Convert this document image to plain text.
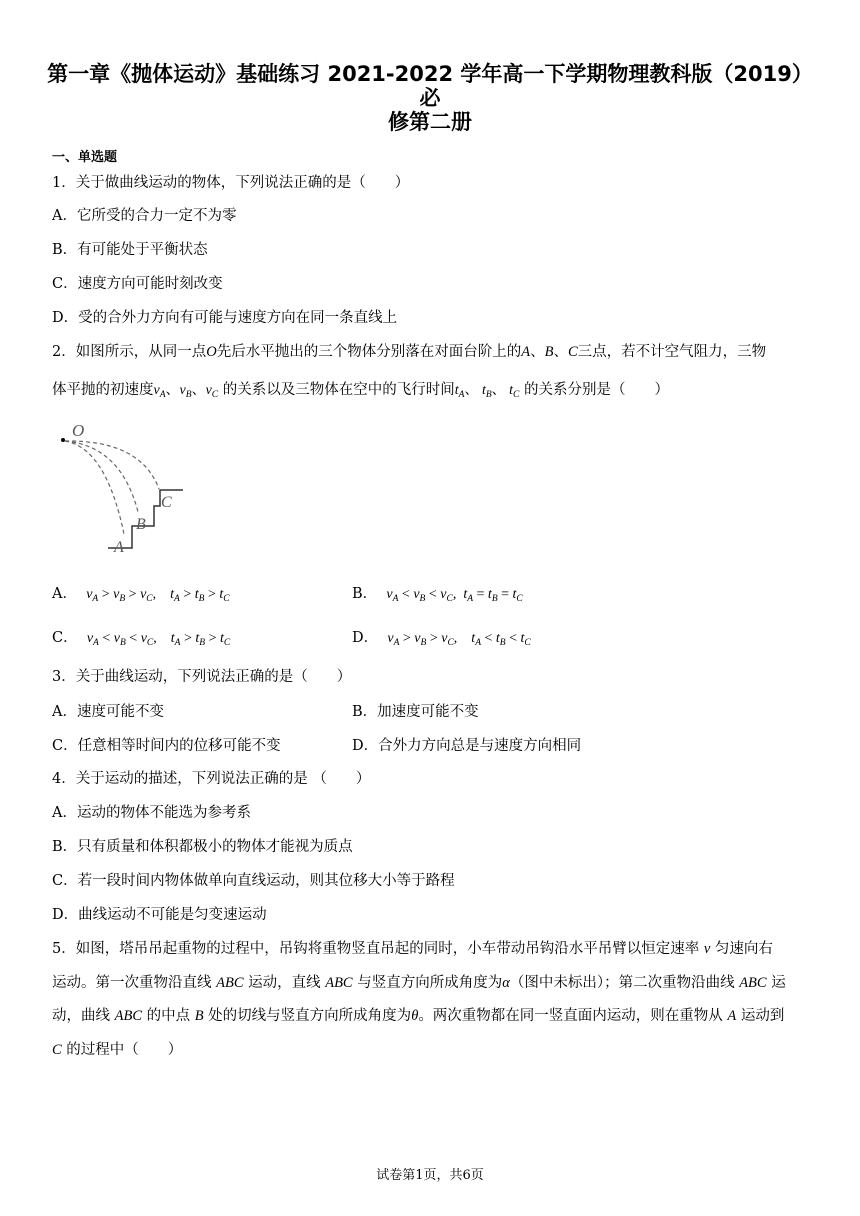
第一章《抛体运动》基础练习 2021-2022 学年高一下学期物理教科版（2019）必
修第二册
一、单选题
1．关于做曲线运动的物体，下列说法正确的是（　　）
A．它所受的合力一定不为零
B．有可能处于平衡状态
C．速度方向可能时刻改变
D．受的合外力方向有可能与速度方向在同一条直线上
2．如图所示，从同一点O先后水平抛出的三个物体分别落在对面台阶上的A、B、C三点，若不计空气阻力，三物
体平抛的初速度$v_A$、$v_B$、$v_C$ 的关系以及三物体在空中的飞行时间$t_A$、 $t_B$、 $t_C$ 的关系分别是（　　）
O
A
B
C
A． $v_A > v_B > v_C$,    $t_A > t_B > t_C$	B． $v_A < v_B < v_C$,  $t_A = t_B = t_C$
C． $v_A < v_B < v_C$,    $t_A > t_B > t_C$	D． $v_A > v_B > v_C$,    $t_A < t_B < t_C$
3．关于曲线运动，下列说法正确的是（　　）
A．速度可能不变	B．加速度可能不变
C．任意相等时间内的位移可能不变	D．合外力方向总是与速度方向相同
4．关于运动的描述，下列说法正确的是 （　　）
A．运动的物体不能选为参考系
B．只有质量和体积都极小的物体才能视为质点
C．若一段时间内物体做单向直线运动，则其位移大小等于路程
D．曲线运动不可能是匀变速运动
5．如图，塔吊吊起重物的过程中，吊钩将重物竖直吊起的同时，小车带动吊钩沿水平吊臂以恒定速率 v 匀速向右
运动。第一次重物沿直线 ABC 运动，直线 ABC 与竖直方向所成角度为α（图中未标出）；第二次重物沿曲线 ABC 运
动，曲线 ABC 的中点 B 处的切线与竖直方向所成角度为θ。两次重物都在同一竖直面内运动，则在重物从 A 运动到
C 的过程中（　　）
试卷第1页，共6页
